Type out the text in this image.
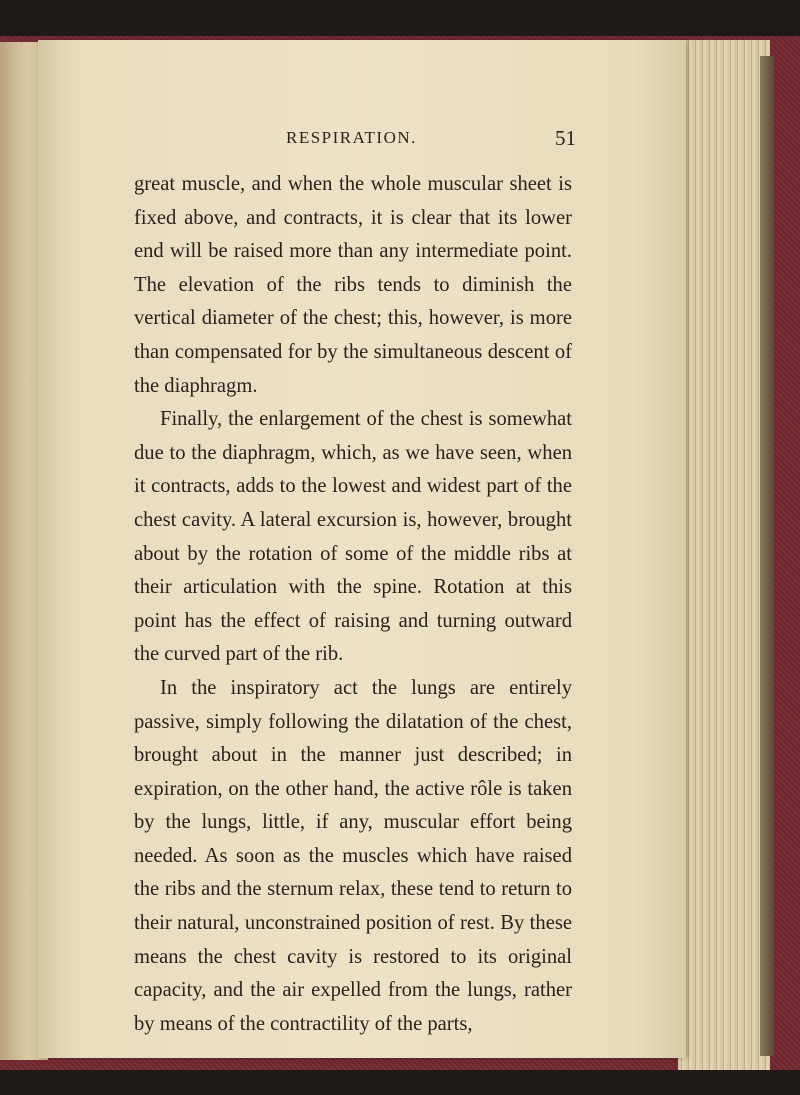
RESPIRATION.	51

great muscle, and when the whole muscular sheet is fixed above, and contracts, it is clear that its lower end will be raised more than any intermediate point. The elevation of the ribs tends to diminish the vertical diameter of the chest; this, however, is more than compensated for by the simultaneous descent of the diaphragm.

Finally, the enlargement of the chest is somewhat due to the diaphragm, which, as we have seen, when it contracts, adds to the lowest and widest part of the chest cavity. A lateral excursion is, however, brought about by the rotation of some of the middle ribs at their articulation with the spine. Rotation at this point has the effect of raising and turning outward the curved part of the rib.

In the inspiratory act the lungs are entirely passive, simply following the dilatation of the chest, brought about in the manner just described; in expiration, on the other hand, the active rôle is taken by the lungs, little, if any, muscular effort being needed. As soon as the muscles which have raised the ribs and the sternum relax, these tend to return to their natural, unconstrained position of rest. By these means the chest cavity is restored to its original capacity, and the air expelled from the lungs, rather by means of the contractility of the parts,
